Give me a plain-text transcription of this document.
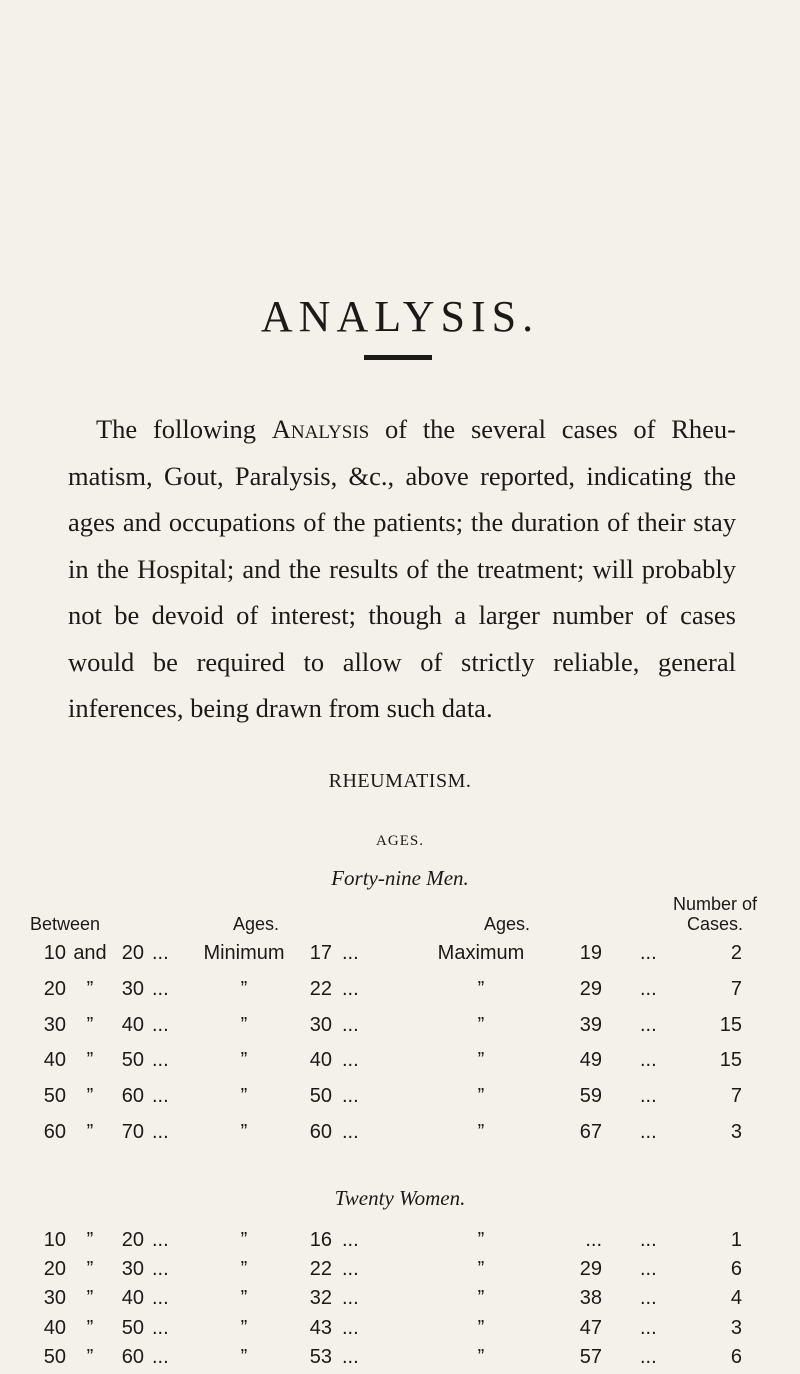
ANALYSIS.

The following Analysis of the several cases of Rheumatism, Gout, Paralysis, &c., above reported, indicating the ages and occupations of the patients; the duration of their stay in the Hospital; and the results of the treatment; will probably not be devoid of interest; though a larger number of cases would be required to allow of strictly reliable, general inferences, being drawn from such data.

RHEUMATISM.
AGES.
Forty-nine Men.
Between	Ages.	Ages.
Number of
Cases.
10 and 20 ...	Minimum	17 ...	Maximum	19 ...	2
20	”	30 ...	”	22 ...	”	29 ...	7
30	”	40 ...	”	30 ...	”	39 ...	15
40	”	50 ...	”	40 ...	”	49 ...	15
50	”	60 ...	”	50 ...	”	59 ...	7
60	”	70 ...	”	60 ...	”	67 ...	3
Twenty Women.
10	”	20 ...	”	16 ...	”	... ...	1
20	”	30 ...	”	22 ...	”	29 ...	6
30	”	40 ...	”	32 ...	”	38 ...	4
40	”	50 ...	”	43 ...	”	47 ...	3
50	”	60 ...	”	53 ...	”	57 ...	6
